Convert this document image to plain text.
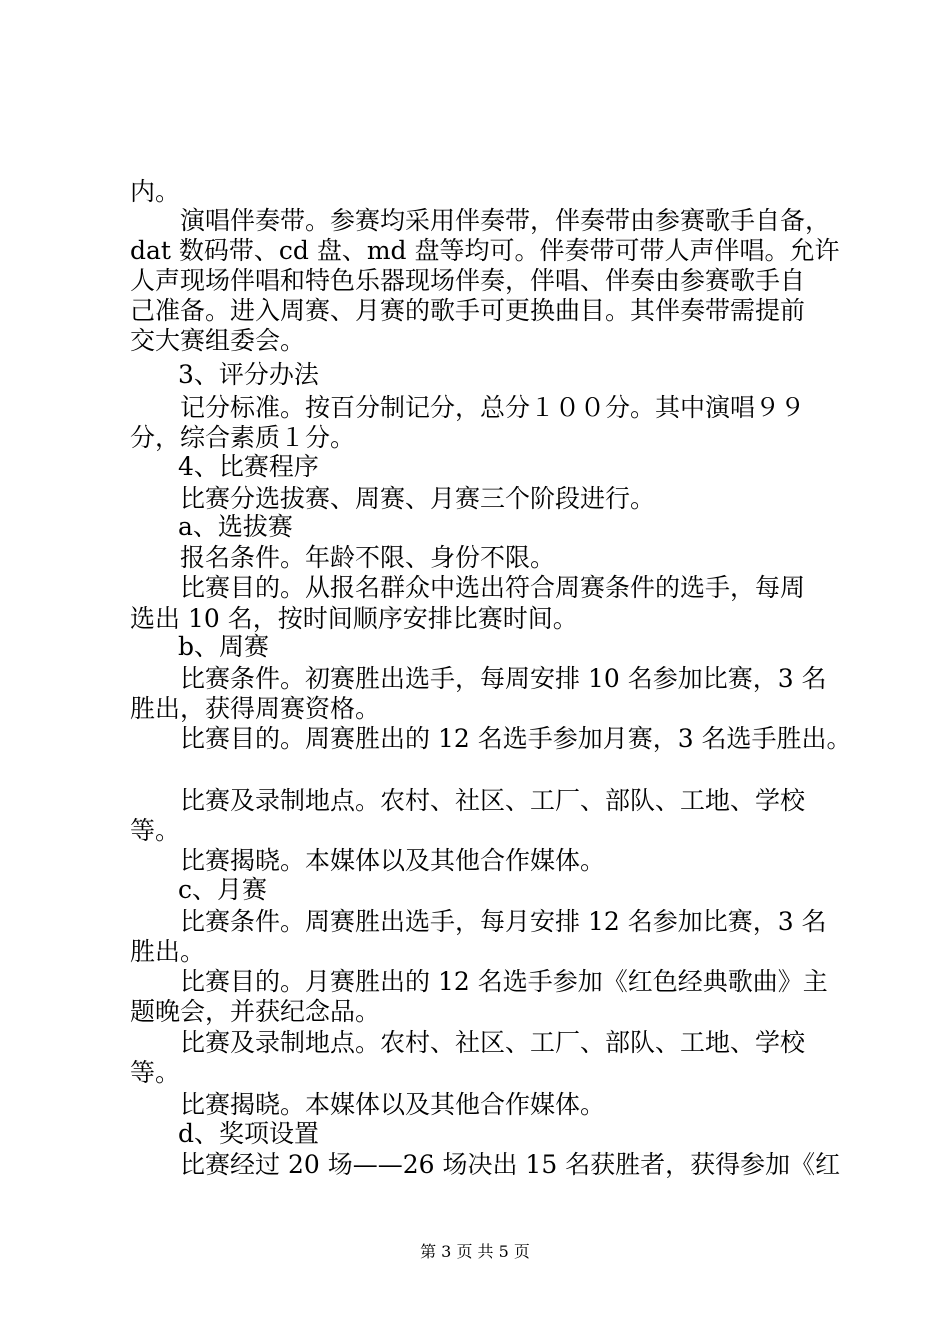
内。

演唱伴奏带。参赛均采用伴奏带，伴奏带由参赛歌手自备，

dat 数码带、cd 盘、md 盘等均可。伴奏带可带人声伴唱。允许

人声现场伴唱和特色乐器现场伴奏，伴唱、伴奏由参赛歌手自

己准备。进入周赛、月赛的歌手可更换曲目。其伴奏带需提前

交大赛组委会。

3、评分办法

记分标准。按百分制记分，总分１００分。其中演唱９９

分，综合素质１分。

4、比赛程序

比赛分选拔赛、周赛、月赛三个阶段进行。

a、选拔赛

报名条件。年龄不限、身份不限。

比赛目的。从报名群众中选出符合周赛条件的选手，每周

选出 10 名，按时间顺序安排比赛时间。

b、周赛

比赛条件。初赛胜出选手，每周安排 10 名参加比赛，3 名

胜出，获得周赛资格。

比赛目的。周赛胜出的 12 名选手参加月赛，3 名选手胜出。

比赛及录制地点。农村、社区、工厂、部队、工地、学校

等。

比赛揭晓。本媒体以及其他合作媒体。

c、月赛

比赛条件。周赛胜出选手，每月安排 12 名参加比赛，3 名

胜出。

比赛目的。月赛胜出的 12 名选手参加《红色经典歌曲》主

题晚会，并获纪念品。

比赛及录制地点。农村、社区、工厂、部队、工地、学校

等。

比赛揭晓。本媒体以及其他合作媒体。

d、奖项设置

比赛经过 20 场——26 场决出 15 名获胜者，获得参加《红

第 3 页 共 5 页
